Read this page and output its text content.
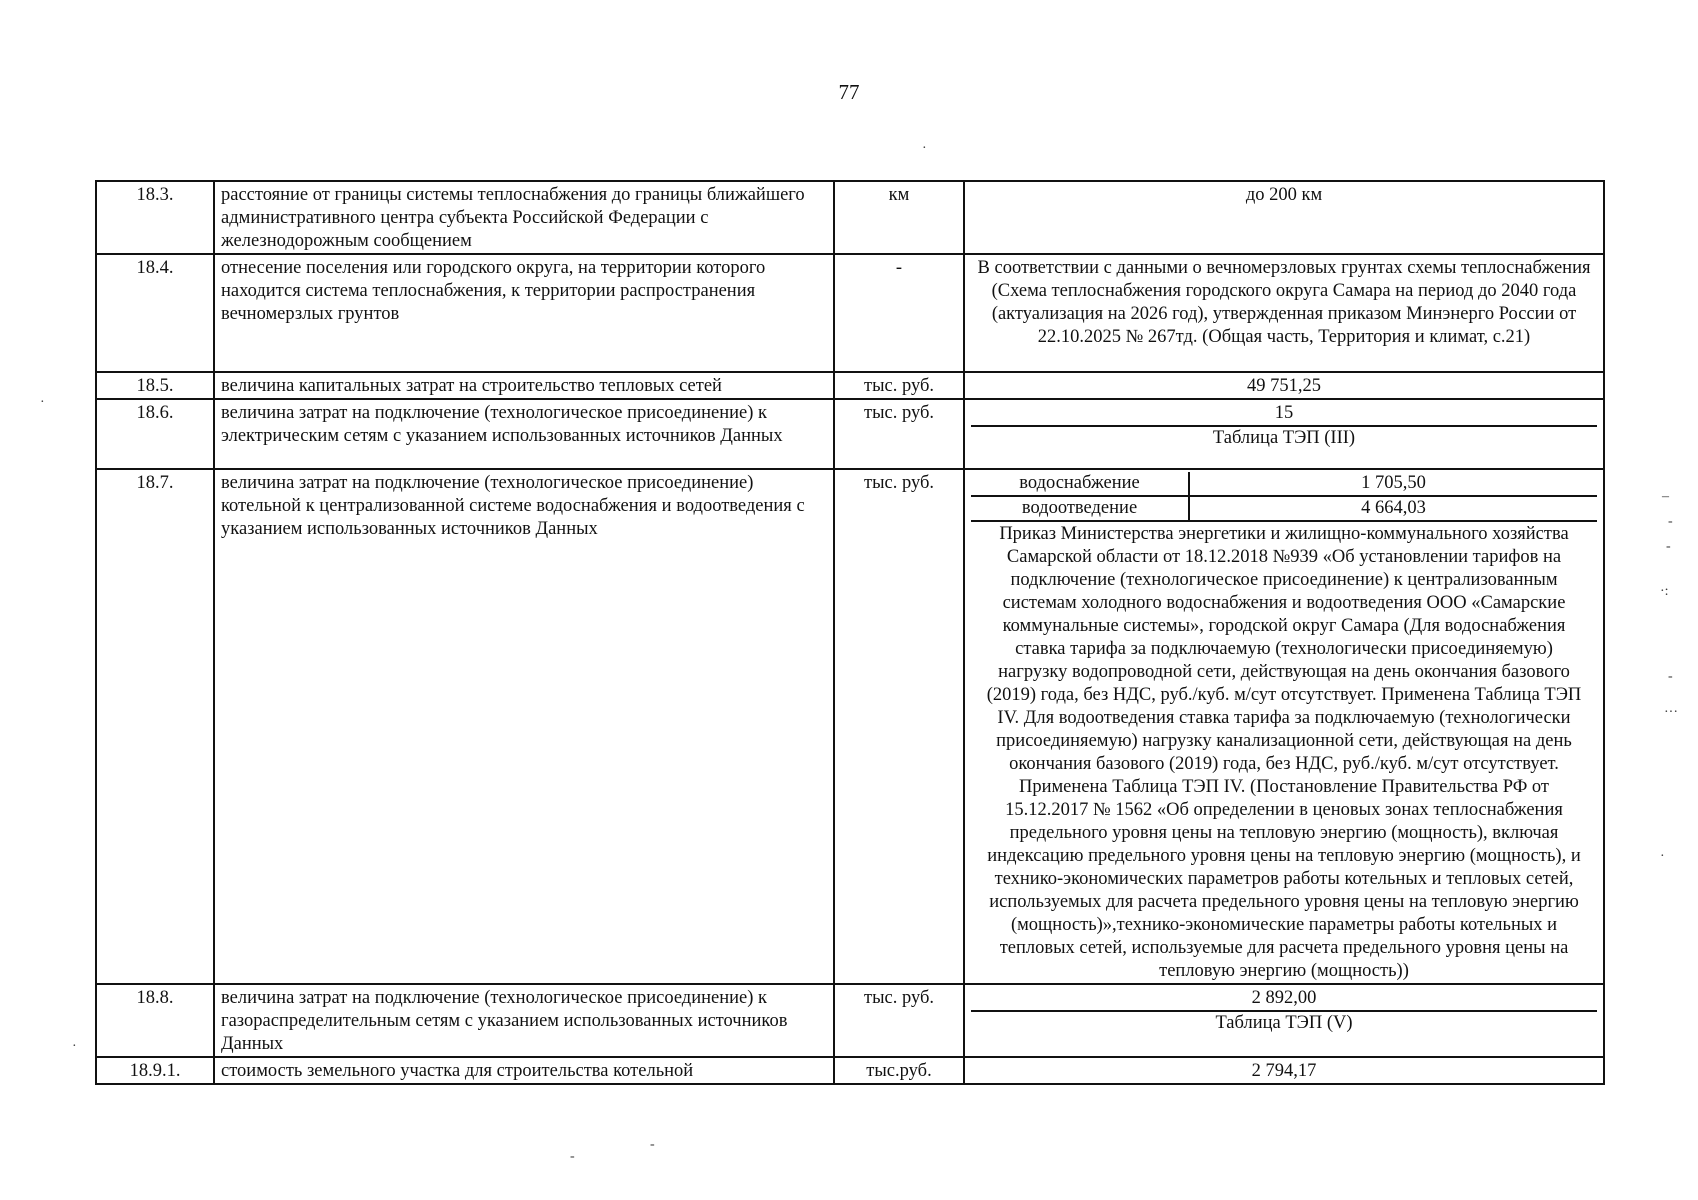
77
·
·
·
-
-
–
-
-
·:
-
···
·
18.3.	расстояние от границы системы теплоснабжения до границы ближайшего административного центра субъекта Российской Федерации с железнодорожным сообщением	км	до 200 км
18.4.	отнесение поселения или городского округа, на территории которого находится система теплоснабжения, к территории распространения вечномерзлых грунтов	-	В соответствии с данными о вечномерзловых грунтах схемы теплоснабжения (Схема теплоснабжения городского округа Самара на период до 2040 года (актуализация на 2026 год), утвержденная приказом Минэнерго России от 22.10.2025 № 267тд. (Общая часть, Территория и климат, с.21)
18.5.	величина капитальных затрат на строительство тепловых сетей	тыс. руб.	49 751,25
18.6.	величина затрат на подключение (технологическое присоединение) к электрическим сетям с указанием использованных источников Данных	тыс. руб.	15
Таблица ТЭП (III)

18.7.	величина затрат на подключение (технологическое присоединение) котельной к централизованной системе водоснабжения и водоотведения с указанием использованных источников Данных	тыс. руб.		водоснабжение	1 705,50
водоотведение	4 664,03
Приказ Министерства энергетики и жилищно-коммунального хозяйства Самарской области от 18.12.2018 №939 «Об установлении тарифов на подключение (технологическое присоединение) к централизованным системам холодного водоснабжения и водоотведения ООО «Самарские коммунальные системы», городской округ Самара (Для водоснабжения ставка тарифа за подключаемую (технологически присоединяемую) нагрузку водопроводной сети, действующая на день окончания базового (2019) года, без НДС, руб./куб. м/сут отсутствует. Применена Таблица ТЭП IV. Для водоотведения ставка тарифа за подключаемую (технологически присоединяемую) нагрузку канализационной сети, действующая на день окончания базового (2019) года, без НДС, руб./куб. м/сут отсутствует. Применена Таблица ТЭП IV. (Постановление Правительства РФ от 15.12.2017 № 1562 «Об определении в ценовых зонах теплоснабжения предельного уровня цены на тепловую энергию (мощность), включая индексацию предельного уровня цены на тепловую энергию (мощность), и технико-экономических параметров работы котельных и тепловых сетей, используемых для расчета предельного уровня цены на тепловую энергию (мощность)»,технико-экономические параметры работы котельных и тепловых сетей, используемые для расчета предельного уровня цены на тепловую энергию (мощность))

18.8.	величина затрат на подключение (технологическое присоединение) к газораспределительным сетям с указанием использованных источников Данных	тыс. руб.	2 892,00
Таблица ТЭП (V)

18.9.1.	стоимость земельного участка для строительства котельной	тыс.руб.	2 794,17
